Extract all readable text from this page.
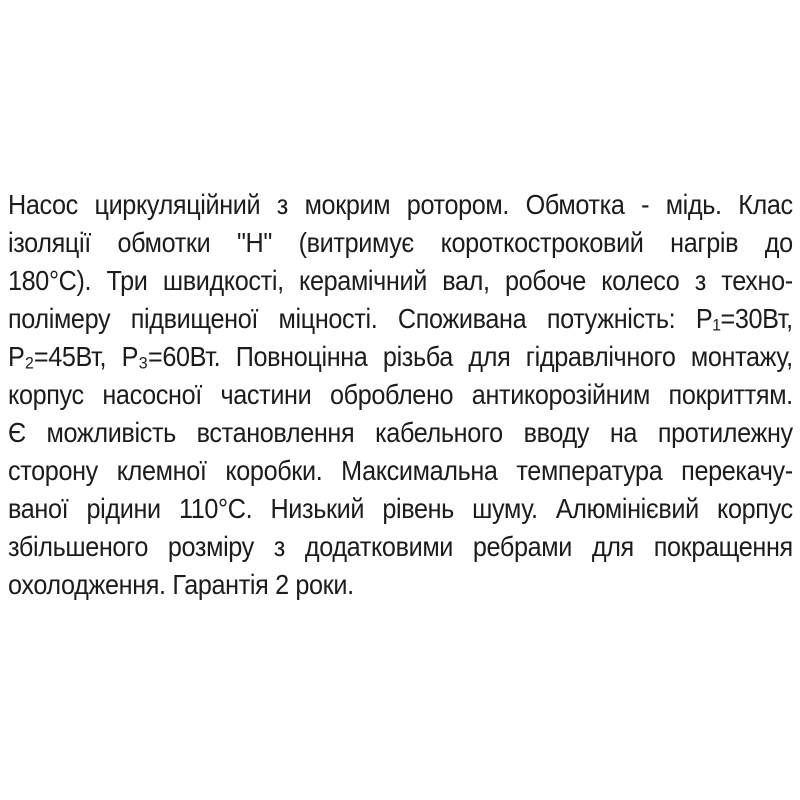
Насос циркуляційний з мокрим ротором. Обмотка - мідь. Клас
ізоляції обмотки "Н" (витримує короткостроковий нагрів до
180°С). Три швидкості, керамічний вал, робоче колесо з техно-
полімеру підвищеної міцності. Споживана потужність: Р₁=30Вт,
Р₂=45Вт, Р₃=60Вт. Повноцінна різьба для гідравлічного монтажу,
корпус насосної частини оброблено антикорозійним покриттям.
Є можливість встановлення кабельного вводу на протилежну
сторону клемної коробки. Максимальна температура перекачу-
ваної рідини 110°С. Низький рівень шуму. Алюмінієвий корпус
збільшеного розміру з додатковими ребрами для покращення
охолодження. Гарантія 2 роки.
